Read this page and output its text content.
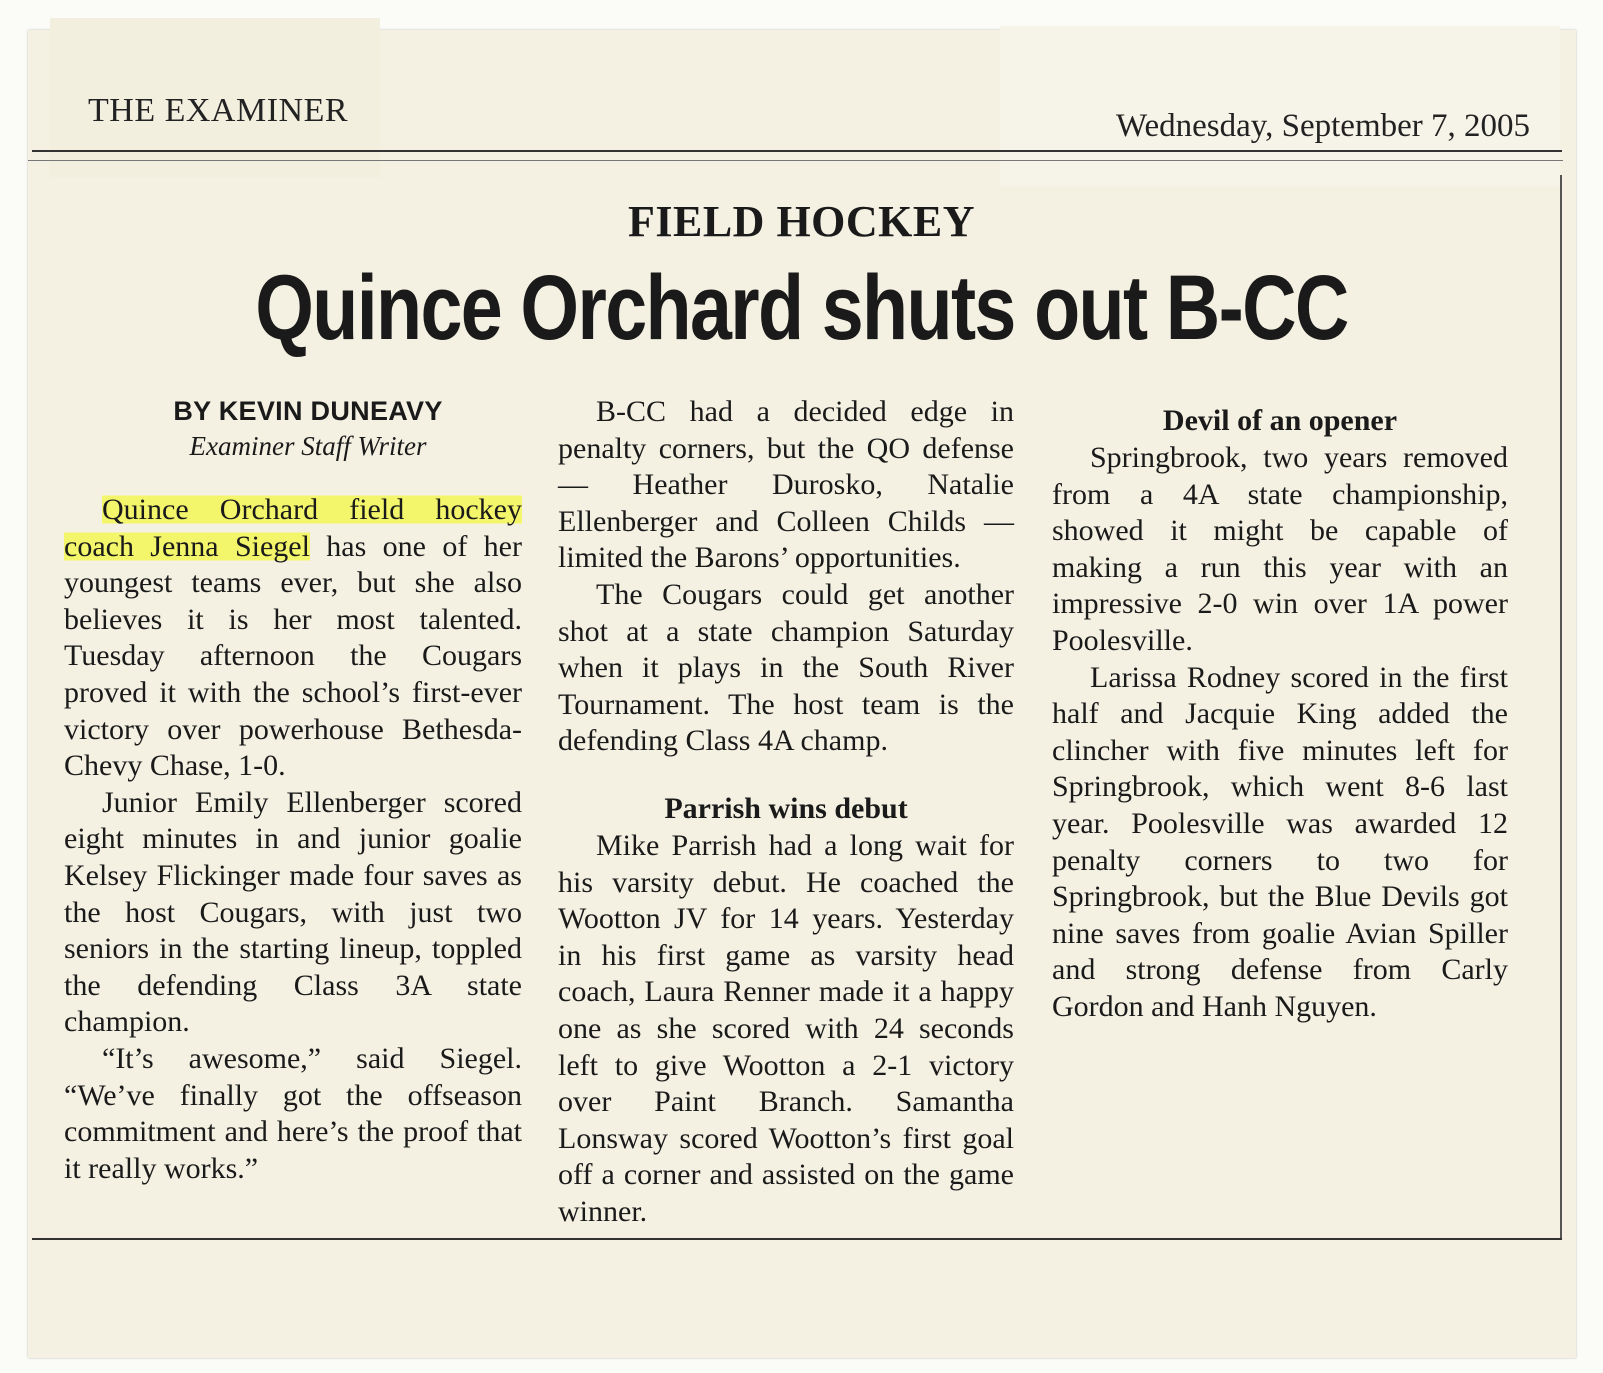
THE EXAMINER	Wednesday, September 7, 2005
FIELD HOCKEY
Quince Orchard shuts out B-CC
BY KEVIN DUNEAVY
Examiner Staff Writer

Quince Orchard field hockey coach Jenna Siegel has one of her youngest teams ever, but she also believes it is her most talented. Tuesday afternoon the Cougars proved it with the school’s first-ever victory over powerhouse Bethesda-Chevy Chase, 1-0.

Junior Emily Ellenberger scored eight minutes in and junior goalie Kelsey Flickinger made four saves as the host Cougars, with just two seniors in the starting lineup, toppled the defending Class 3A state champion.

“It’s awesome,” said Siegel. “We’ve finally got the offseason commitment and here’s the proof that it really works.”

B-CC had a decided edge in penalty corners, but the QO defense — Heather Durosko, Natalie Ellenberger and Colleen Childs — limited the Barons’ opportunities.

The Cougars could get another shot at a state champion Saturday when it plays in the South River Tournament. The host team is the defending Class 4A champ.

Parrish wins debut

Mike Parrish had a long wait for his varsity debut. He coached the Wootton JV for 14 years. Yesterday in his first game as varsity head coach, Laura Renner made it a happy one as she scored with 24 seconds left to give Wootton a 2-1 victory over Paint Branch. Samantha Lonsway scored Wootton’s first goal off a corner and assisted on the game winner.

Devil of an opener

Springbrook, two years removed from a 4A state championship, showed it might be capable of making a run this year with an impressive 2-0 win over 1A power Poolesville.

Larissa Rodney scored in the first half and Jacquie King added the clincher with five minutes left for Springbrook, which went 8-6 last year. Poolesville was awarded 12 penalty corners to two for Springbrook, but the Blue Devils got nine saves from goalie Avian Spiller and strong defense from Carly Gordon and Hanh Nguyen.
